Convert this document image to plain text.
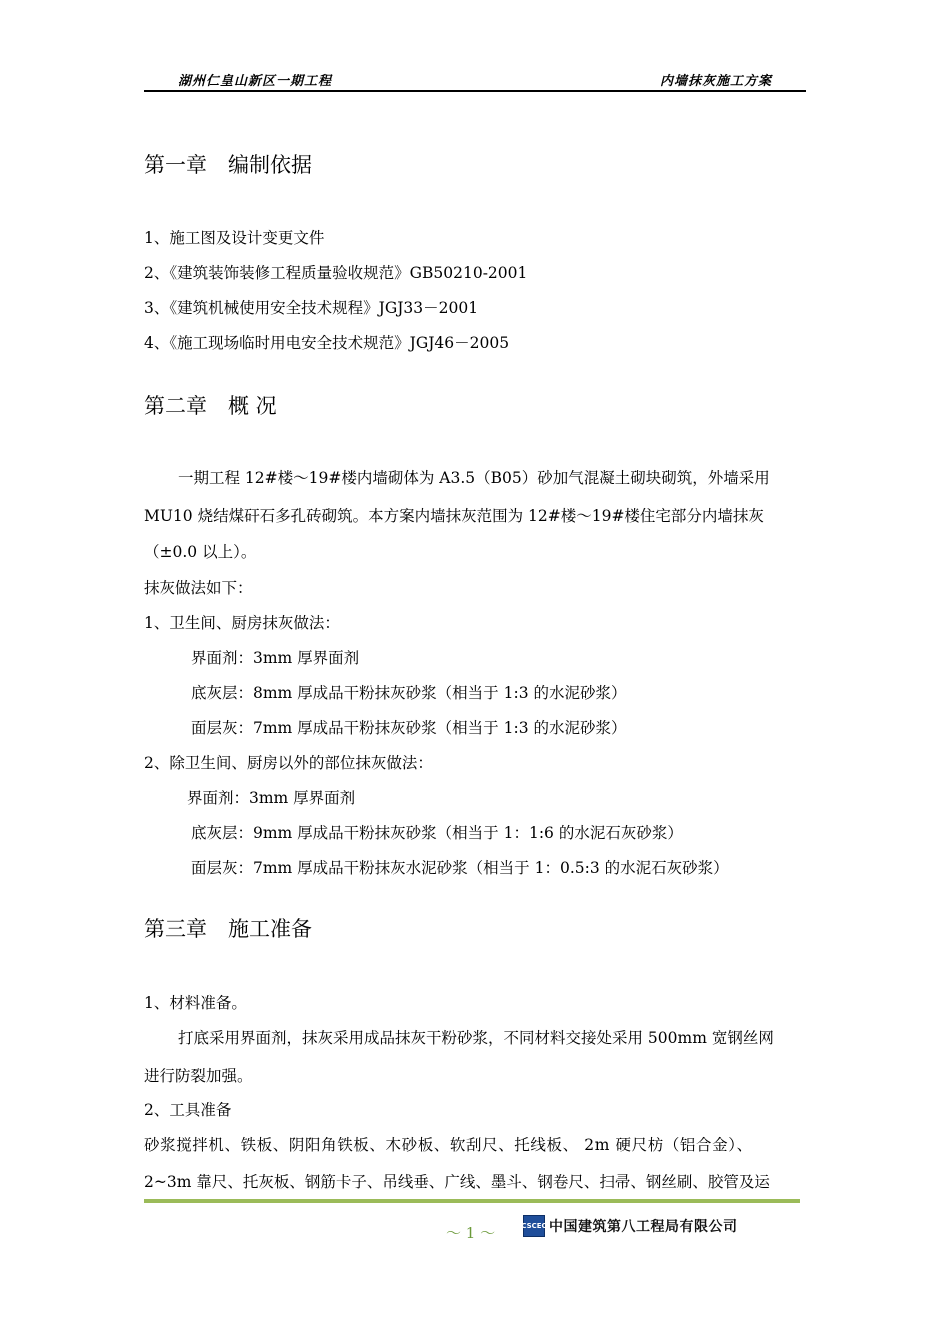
湖州仁皇山新区一期工程	内墙抹灰施工方案
第一章　编制依据
1、施工图及设计变更文件
2、《建筑装饰装修工程质量验收规范》GB50210-2001
3、《建筑机械使用安全技术规程》JGJ33－2001
4、《施工现场临时用电安全技术规范》JGJ46－2005
第二章　概 况
一期工程 12#楼～19#楼内墙砌体为 A3.5（B05）砂加气混凝土砌块砌筑，外墙采用
MU10 烧结煤矸石多孔砖砌筑。本方案内墙抹灰范围为 12#楼～19#楼住宅部分内墙抹灰
（±0.0 以上）。
抹灰做法如下：
1、卫生间、厨房抹灰做法：
界面剂：3mm 厚界面剂
底灰层：8mm 厚成品干粉抹灰砂浆（相当于 1:3 的水泥砂浆）
面层灰：7mm 厚成品干粉抹灰砂浆（相当于 1:3 的水泥砂浆）
2、除卫生间、厨房以外的部位抹灰做法：
界面剂：3mm 厚界面剂
底灰层：9mm 厚成品干粉抹灰砂浆（相当于 1：1:6 的水泥石灰砂浆）
面层灰：7mm 厚成品干粉抹灰水泥砂浆（相当于 1：0.5:3 的水泥石灰砂浆）
第三章　施工准备
1、材料准备。
打底采用界面剂，抹灰采用成品抹灰干粉砂浆，不同材料交接处采用 500mm 宽钢丝网
进行防裂加强。
2、工具准备
砂浆搅拌机、铁板、阴阳角铁板、木砂板、软刮尺、托线板、 2m 硬尺枋（铝合金）、
2~3m 靠尺、托灰板、钢筋卡子、吊线垂、广线、墨斗、钢卷尺、扫帚、钢丝刷、胶管及运
～ 1 ～	CSCEC 中国建筑第八工程局有限公司
